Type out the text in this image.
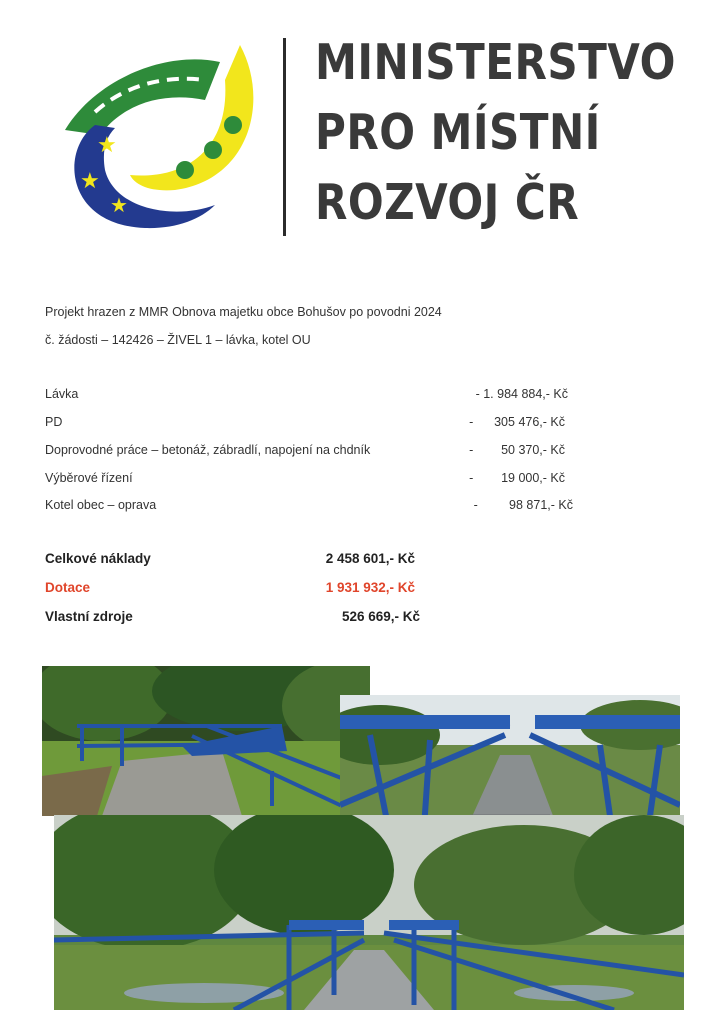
★
★
★
MINISTERSTVO
PRO MÍSTNÍ
ROZVOJ ČR
Projekt hrazen z MMR Obnova majetku obce Bohušov po povodni 2024
č. žádosti – 142426 – ŽIVEL 1 – lávka, kotel OU
Lávka	- 1. 984 884,- Kč
PD	-      305 476,- Kč
Doprovodné práce – betonáž, zábradlí, napojení na chdník	-        50 370,- Kč
Výběrové řízení	-        19 000,- Kč
Kotel obec – oprava	-         98 871,- Kč
Celkové náklady	2 458 601,- Kč
Dotace	1 931 932,- Kč
Vlastní zdroje	526 669,- Kč
